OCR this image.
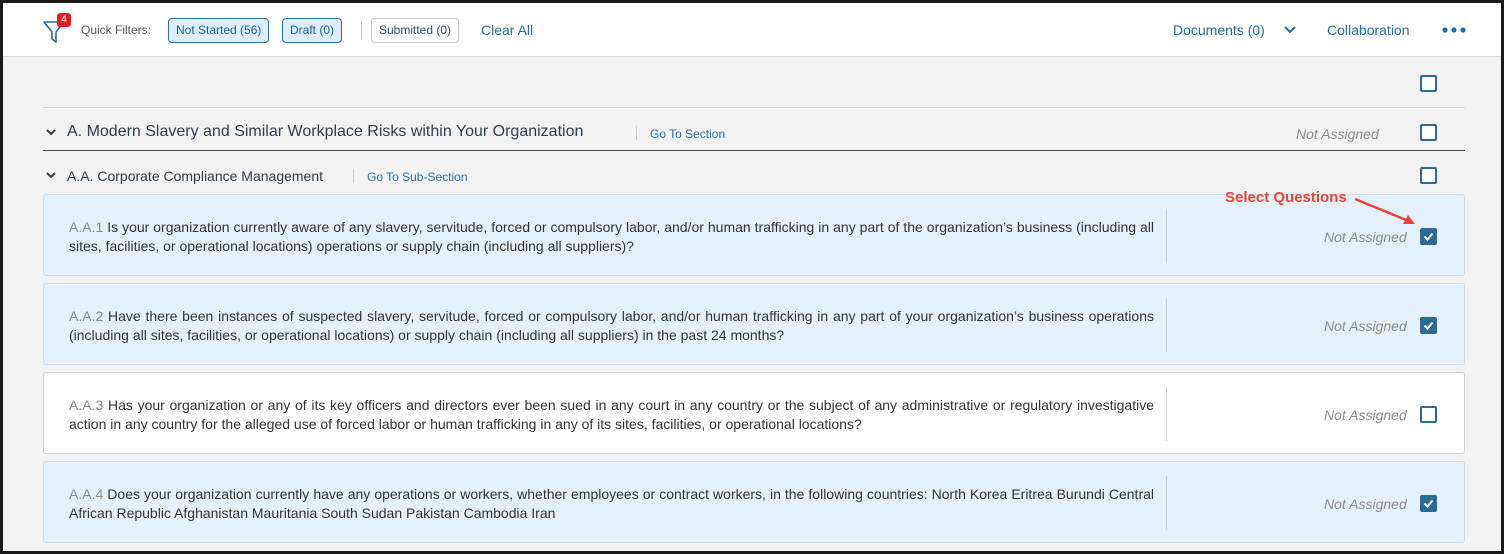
4
Quick Filters:	Not Started (56)	Draft (0)	Submitted (0)	Clear All	Documents (0)	Collaboration
A. Modern Slavery and Similar Workplace Risks within Your Organization	Go To Section	Not Assigned
A.A. Corporate Compliance Management	Go To Sub-Section
A.A.1 Is your organization currently aware of any slavery, servitude, forced or compulsory labor, and/or human trafficking in any part of the organization’s business (including all sites, facilities, or operational locations) operations or supply chain (including all suppliers)?
Not Assigned
A.A.2 Have there been instances of suspected slavery, servitude, forced or compulsory labor, and/or human trafficking in any part of your organization’s business operations (including all sites, facilities, or operational locations) or supply chain (including all suppliers) in the past 24 months?
Not Assigned
A.A.3 Has your organization or any of its key officers and directors ever been sued in any court in any country or the subject of any administrative or regulatory investigative action in any country for the alleged use of forced labor or human trafficking in any of its sites, facilities, or operational locations?
Not Assigned
A.A.4 Does your organization currently have any operations or workers, whether employees or contract workers, in the following countries: North Korea Eritrea Burundi Central African Republic Afghanistan Mauritania South Sudan Pakistan Cambodia Iran
Not Assigned
Select Questions
